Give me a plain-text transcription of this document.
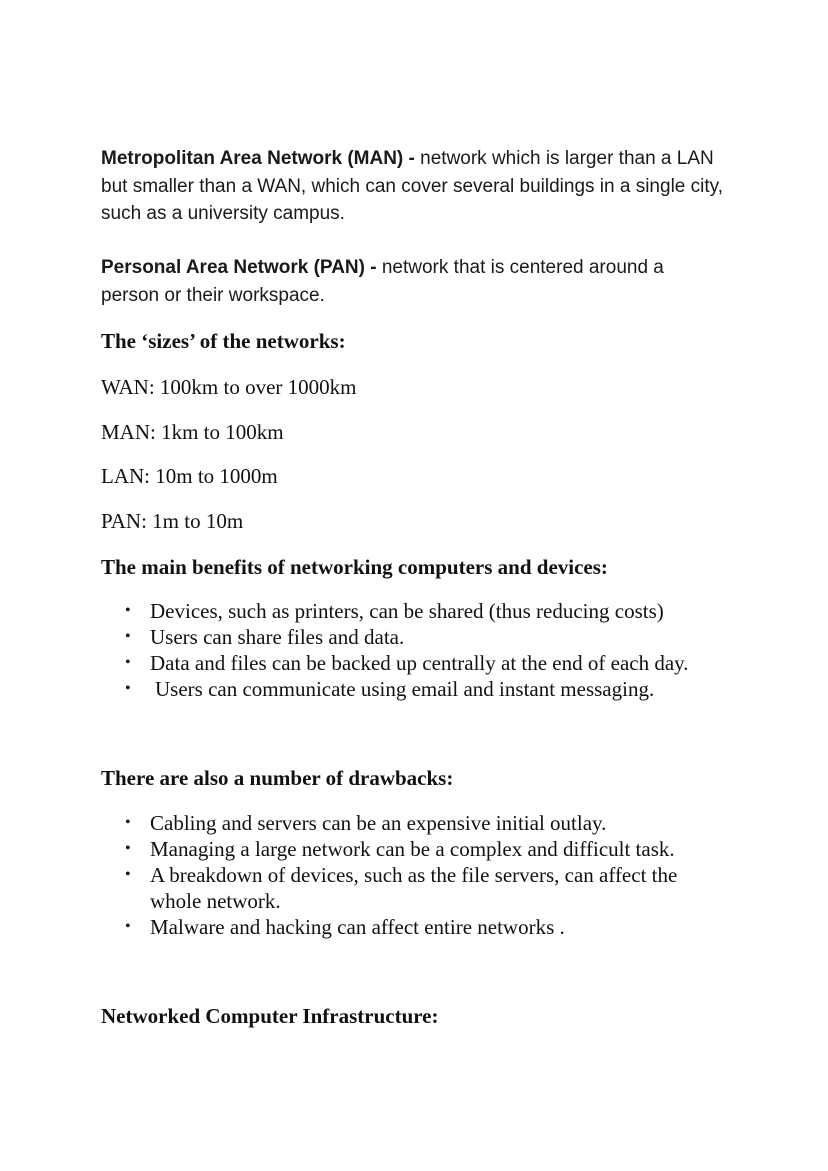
Metropolitan Area Network (MAN) - network which is larger than a LAN but smaller than a WAN, which can cover several buildings in a single city, such as a university campus.

Personal Area Network (PAN) - network that is centered around a person or their workspace.

The ‘sizes’ of the networks:
WAN: 100km to over 1000km
MAN: 1km to 100km
LAN: 10m to 1000m
PAN: 1m to 10m
The main benefits of networking computers and devices:
• Devices, such as printers, can be shared (thus reducing costs)
• Users can share files and data.
• Data and files can be backed up centrally at the end of each day.
• Users can communicate using email and instant messaging.
There are also a number of drawbacks:
• Cabling and servers can be an expensive initial outlay.
• Managing a large network can be a complex and difficult task.
• A breakdown of devices, such as the file servers, can affect the whole network.
• Malware and hacking can affect entire networks .
Networked Computer Infrastructure:
